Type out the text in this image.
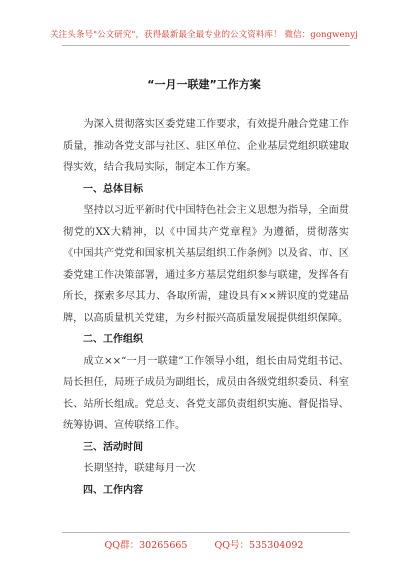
关注头条号"公文研究"，获得最新最全最专业的公文资料库！ 微信：gongwenyj
“一月一联建”工作方案

为深入贯彻落实区委党建工作要求，有效提升融合党建工作质量，推动各党支部与社区、驻区单位、企业基层党组织联建取得实效，结合我局实际，制定本工作方案。

一、总体目标

坚持以习近平新时代中国特色社会主义思想为指导，全面贯彻党的XX大精神，以《中国共产党章程》为遵循，贯彻落实《中国共产党党和国家机关基层组织工作条例》以及省、市、区委党建工作决策部署，通过多方基层党组织参与联建，发挥各有所长，探索多尽其力、各取所需，建设具有××辨识度的党建品牌，以高质量机关党建，为乡村振兴高质量发展提供组织保障。

二、工作组织

成立××“一月一联建”工作领导小组，组长由局党组书记、局长担任，局班子成员为副组长，成员由各级党组织委员、科室长、站所长组成。党总支、各党支部负责组织实施、督促指导、统筹协调、宣传联络工作。

三、活动时间

长期坚持，联建每月一次

四、工作内容

QQ群：30265665	QQ号：535304092
